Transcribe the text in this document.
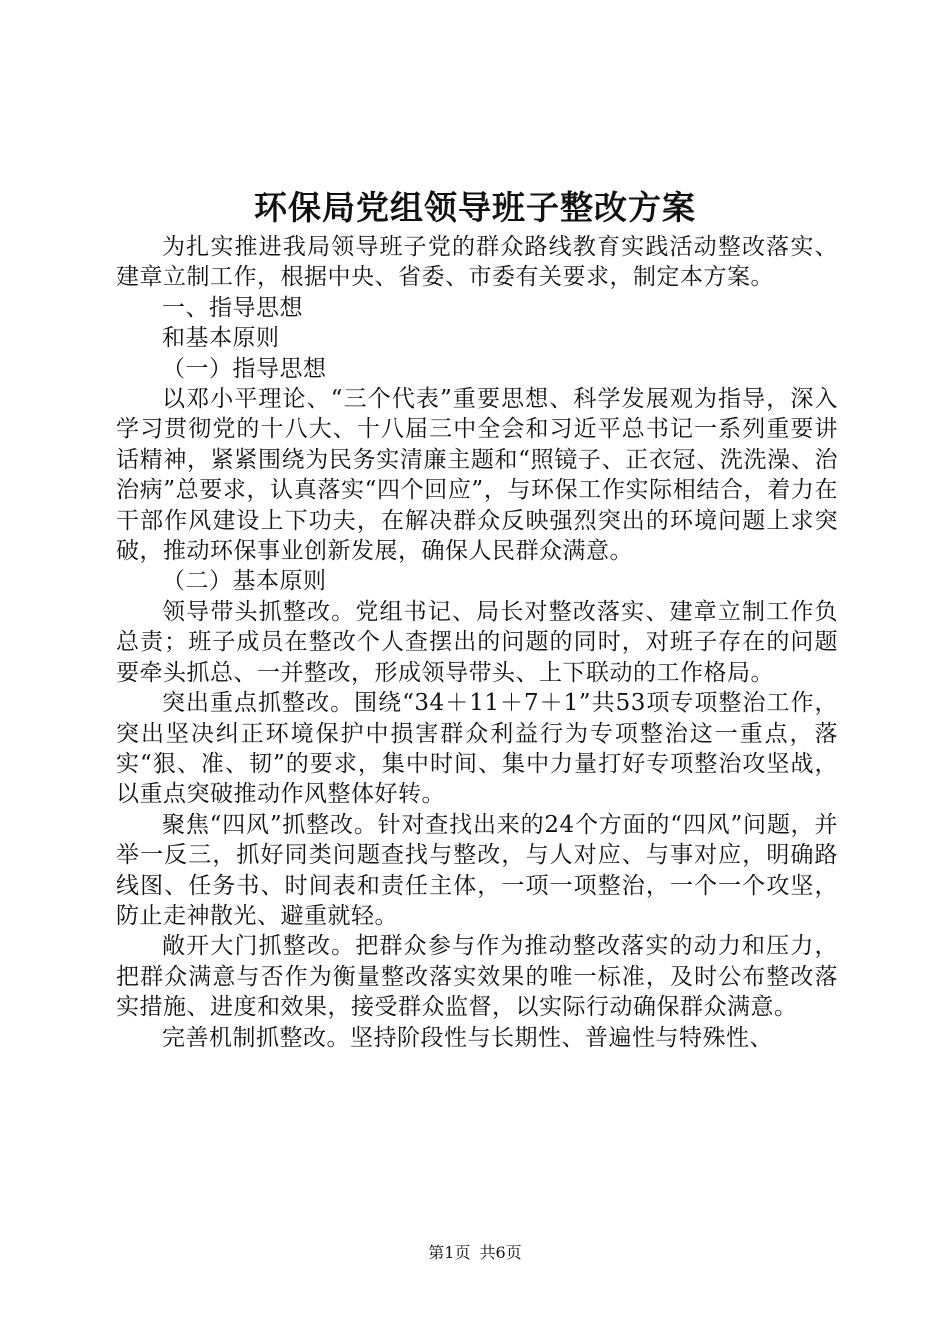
环保局党组领导班子整改方案

为扎实推进我局领导班子党的群众路线教育实践活动整改落实、建章立制工作，根据中央、省委、市委有关要求，制定本方案。

一、指导思想

和基本原则

（一）指导思想

以邓小平理论、“三个代表”重要思想、科学发展观为指导，深入学习贯彻党的十八大、十八届三中全会和习近平总书记一系列重要讲话精神，紧紧围绕为民务实清廉主题和“照镜子、正衣冠、洗洗澡、治治病”总要求，认真落实“四个回应”，与环保工作实际相结合，着力在干部作风建设上下功夫，在解决群众反映强烈突出的环境问题上求突破，推动环保事业创新发展，确保人民群众满意。

（二）基本原则

领导带头抓整改。党组书记、局长对整改落实、建章立制工作负总责；班子成员在整改个人查摆出的问题的同时，对班子存在的问题要牵头抓总、一并整改，形成领导带头、上下联动的工作格局。

突出重点抓整改。围绕“34＋11＋7＋1”共53项专项整治工作，突出坚决纠正环境保护中损害群众利益行为专项整治这一重点，落实“狠、准、韧”的要求，集中时间、集中力量打好专项整治攻坚战，以重点突破推动作风整体好转。

聚焦“四风”抓整改。针对查找出来的24个方面的“四风”问题，并举一反三，抓好同类问题查找与整改，与人对应、与事对应，明确路线图、任务书、时间表和责任主体，一项一项整治，一个一个攻坚，防止走神散光、避重就轻。

敞开大门抓整改。把群众参与作为推动整改落实的动力和压力，把群众满意与否作为衡量整改落实效果的唯一标准，及时公布整改落实措施、进度和效果，接受群众监督，以实际行动确保群众满意。

完善机制抓整改。坚持阶段性与长期性、普遍性与特殊性、

第1页 共6页
